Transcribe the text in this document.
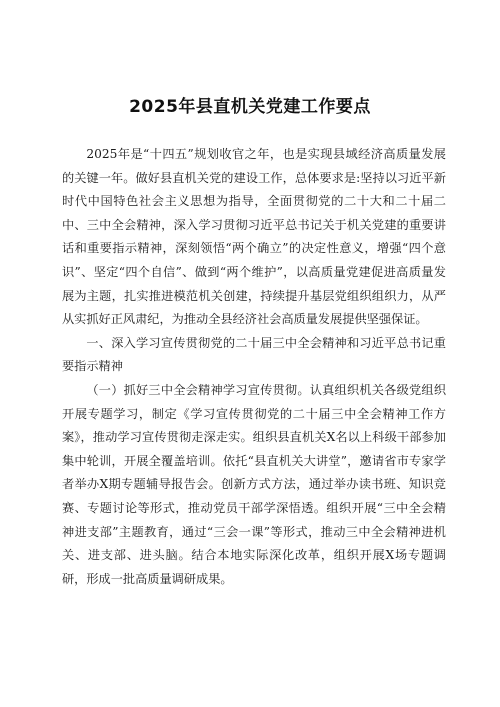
2025年县直机关党建工作要点

2025年是“十四五”规划收官之年，也是实现县域经济高质量发展的关键一年。做好县直机关党的建设工作，总体要求是:坚持以习近平新时代中国特色社会主义思想为指导，全面贯彻党的二十大和二十届二中、三中全会精神，深入学习贯彻习近平总书记关于机关党建的重要讲话和重要指示精神，深刻领悟“两个确立”的决定性意义，增强“四个意识”、坚定“四个自信”、做到“两个维护”，以高质量党建促进高质量发展为主题，扎实推进模范机关创建，持续提升基层党组织组织力，从严从实抓好正风肃纪，为推动全县经济社会高质量发展提供坚强保证。

一、深入学习宣传贯彻党的二十届三中全会精神和习近平总书记重要指示精神

（一）抓好三中全会精神学习宣传贯彻。认真组织机关各级党组织开展专题学习，制定《学习宣传贯彻党的二十届三中全会精神工作方案》，推动学习宣传贯彻走深走实。组织县直机关X名以上科级干部参加集中轮训，开展全覆盖培训。依托“县直机关大讲堂”，邀请省市专家学者举办X期专题辅导报告会。创新方式方法，通过举办读书班、知识竞赛、专题讨论等形式，推动党员干部学深悟透。组织开展“三中全会精神进支部”主题教育，通过“三会一课”等形式，推动三中全会精神进机关、进支部、进头脑。结合本地实际深化改革，组织开展X场专题调研，形成一批高质量调研成果。
